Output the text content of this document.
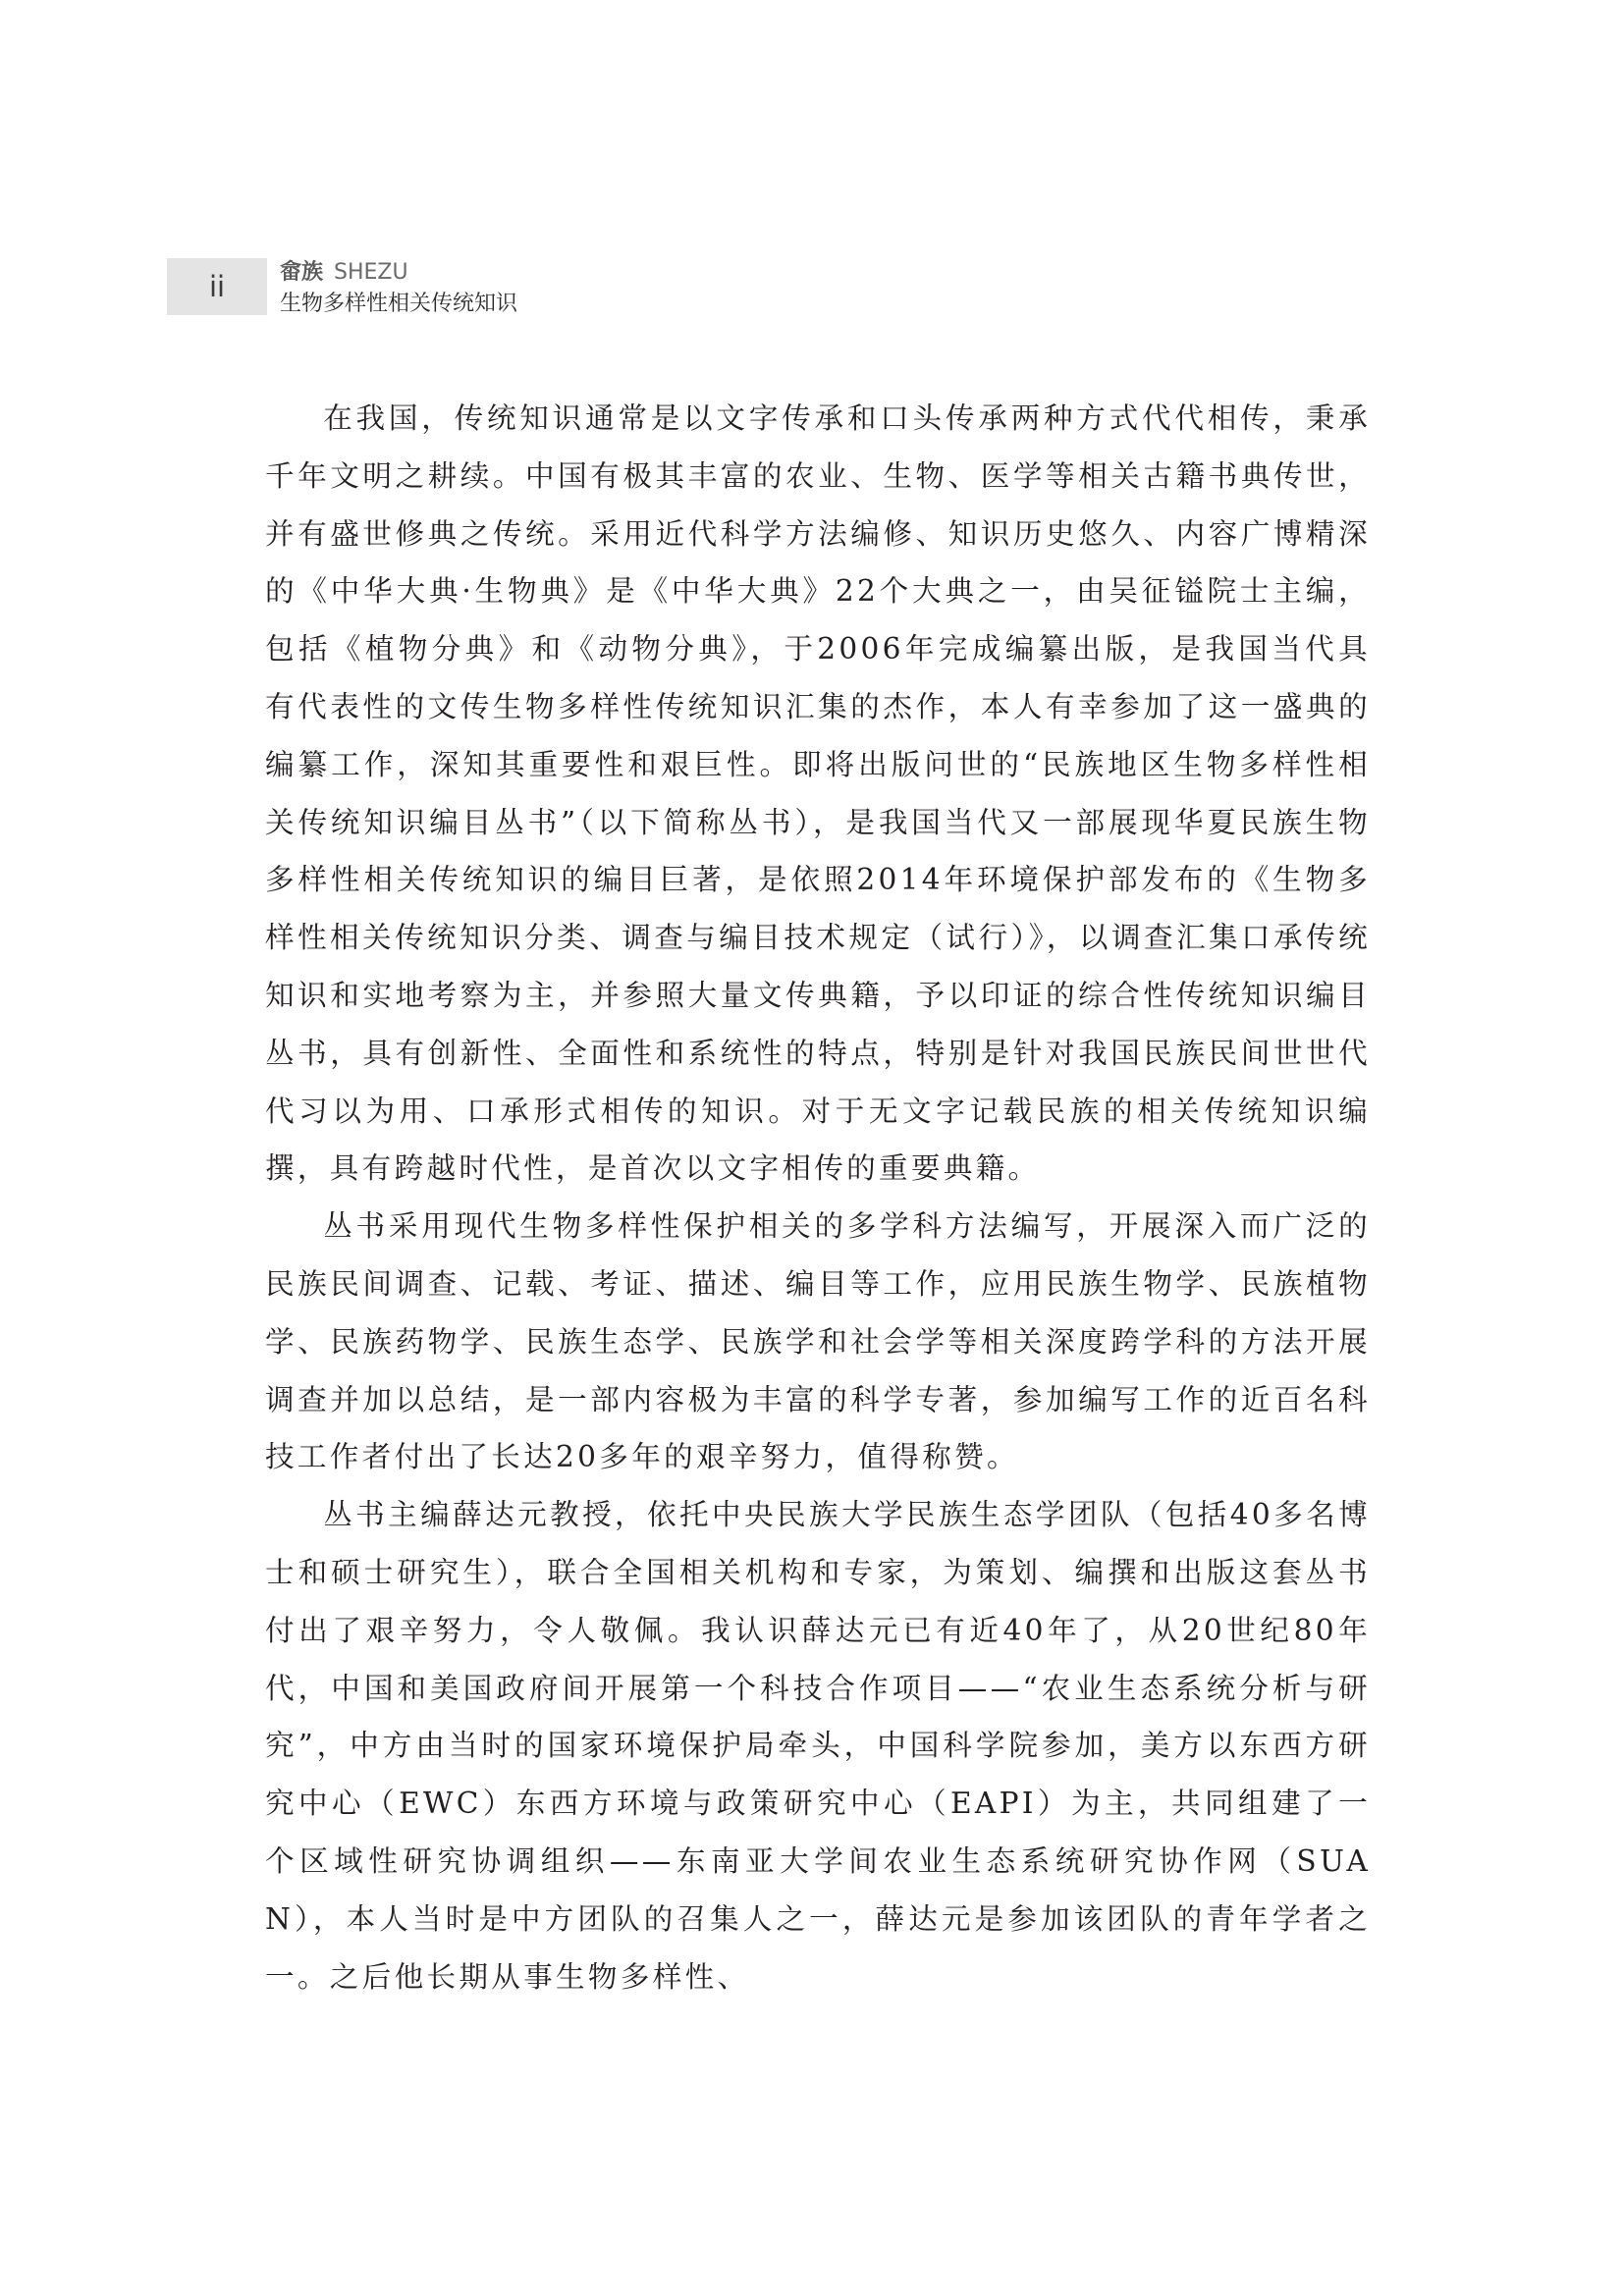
ii	畲族 SHEZU
生物多样性相关传统知识

在我国，传统知识通常是以文字传承和口头传承两种方式代代相传，秉承千年文明之耕续。中国有极其丰富的农业、生物、医学等相关古籍书典传世，并有盛世修典之传统。采用近代科学方法编修、知识历史悠久、内容广博精深的《中华大典·生物典》是《中华大典》22个大典之一，由吴征镒院士主编，包括《植物分典》和《动物分典》，于2006年完成编纂出版，是我国当代具有代表性的文传生物多样性传统知识汇集的杰作，本人有幸参加了这一盛典的编纂工作，深知其重要性和艰巨性。即将出版问世的“民族地区生物多样性相关传统知识编目丛书”（以下简称丛书），是我国当代又一部展现华夏民族生物多样性相关传统知识的编目巨著，是依照2014年环境保护部发布的《生物多样性相关传统知识分类、调查与编目技术规定（试行）》，以调查汇集口承传统知识和实地考察为主，并参照大量文传典籍，予以印证的综合性传统知识编目丛书，具有创新性、全面性和系统性的特点，特别是针对我国民族民间世世代代习以为用、口承形式相传的知识。对于无文字记载民族的相关传统知识编撰，具有跨越时代性，是首次以文字相传的重要典籍。

丛书采用现代生物多样性保护相关的多学科方法编写，开展深入而广泛的民族民间调查、记载、考证、描述、编目等工作，应用民族生物学、民族植物学、民族药物学、民族生态学、民族学和社会学等相关深度跨学科的方法开展调查并加以总结，是一部内容极为丰富的科学专著，参加编写工作的近百名科技工作者付出了长达20多年的艰辛努力，值得称赞。

丛书主编薛达元教授，依托中央民族大学民族生态学团队（包括40多名博士和硕士研究生），联合全国相关机构和专家，为策划、编撰和出版这套丛书付出了艰辛努力，令人敬佩。我认识薛达元已有近40年了，从20世纪80年代，中国和美国政府间开展第一个科技合作项目——“农业生态系统分析与研究”，中方由当时的国家环境保护局牵头，中国科学院参加，美方以东西方研究中心（EWC）东西方环境与政策研究中心（EAPI）为主，共同组建了一个区域性研究协调组织——东南亚大学间农业生态系统研究协作网（SUAN），本人当时是中方团队的召集人之一，薛达元是参加该团队的青年学者之一。之后他长期从事生物多样性、
